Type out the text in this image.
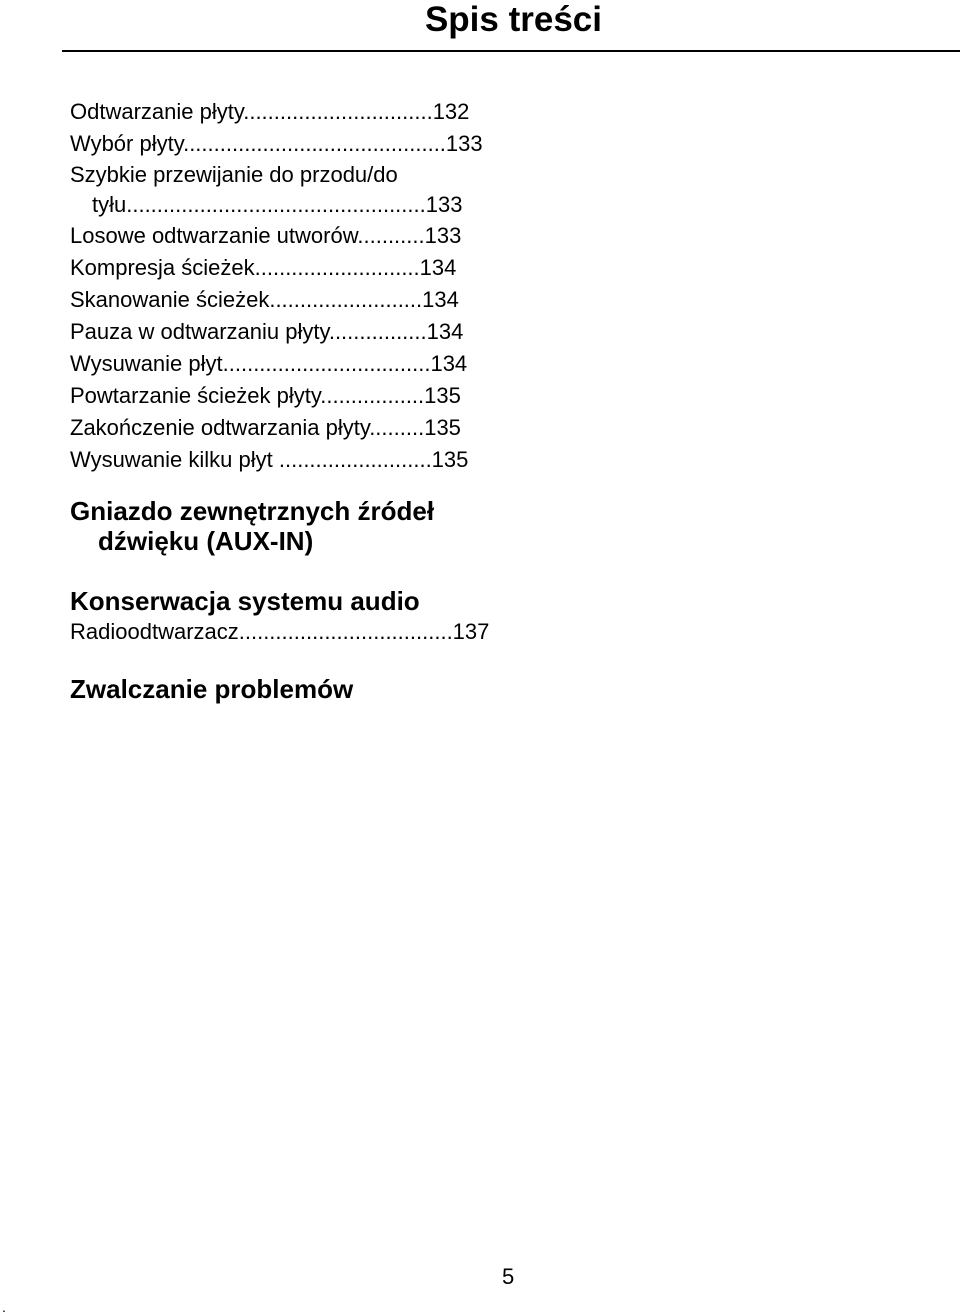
Spis treści
Odtwarzanie płyty...............................132
Wybór płyty...........................................133
Szybkie przewijanie do przodu/do
tyłu.................................................133
Losowe odtwarzanie utworów...........133
Kompresja ścieżek...........................134
Skanowanie ścieżek.........................134
Pauza w odtwarzaniu płyty................134
Wysuwanie płyt..................................134
Powtarzanie ścieżek płyty.................135
Zakończenie odtwarzania płyty.........135
Wysuwanie kilku płyt .........................135
Gniazdo zewnętrznych źródeł
dźwięku (AUX-IN)
Konserwacja systemu audio
Radioodtwarzacz...................................137
Zwalczanie problemów
5
.
